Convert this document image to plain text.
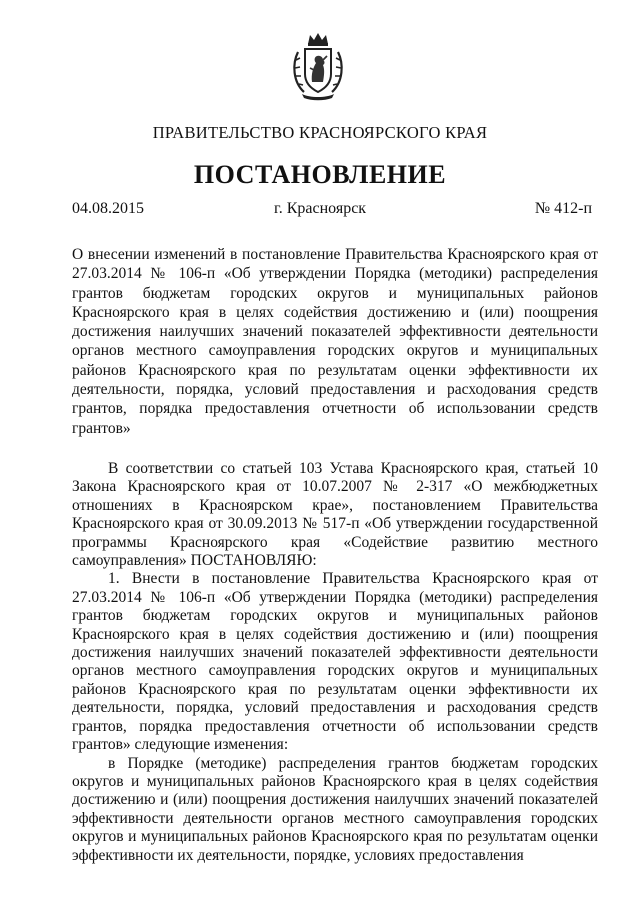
ПРАВИТЕЛЬСТВО КРАСНОЯРСКОГО КРАЯ
ПОСТАНОВЛЕНИЕ
04.08.2015	г. Красноярск	№ 412-п
О внесении изменений в постановление Правительства Красноярского края от 27.03.2014 № 106-п «Об утверждении Порядка (методики) распределения грантов бюджетам городских округов и муниципальных районов Красноярского края в целях содействия достижению и (или) поощрения достижения наилучших значений показателей эффективности деятельности органов местного самоуправления городских округов и муниципальных районов Красноярского края по результатам оценки эффективности их деятельности, порядка, условий предоставления и расходования средств грантов, порядка предоставления отчетности об использовании средств грантов»

В соответствии со статьей 103 Устава Красноярского края, статьей 10 Закона Красноярского края от 10.07.2007 № 2-317 «О межбюджетных отношениях в Красноярском крае», постановлением Правительства Красноярского края от 30.09.2013 № 517-п «Об утверждении государственной программы Красноярского края «Содействие развитию местного самоуправления» ПОСТАНОВЛЯЮ:

1. Внести в постановление Правительства Красноярского края от 27.03.2014 № 106-п «Об утверждении Порядка (методики) распределения грантов бюджетам городских округов и муниципальных районов Красноярского края в целях содействия достижению и (или) поощрения достижения наилучших значений показателей эффективности деятельности органов местного самоуправления городских округов и муниципальных районов Красноярского края по результатам оценки эффективности их деятельности, порядка, условий предоставления и расходования средств грантов, порядка предоставления отчетности об использовании средств грантов» следующие изменения:

в Порядке (методике) распределения грантов бюджетам городских округов и муниципальных районов Красноярского края в целях содействия достижению и (или) поощрения достижения наилучших значений показателей эффективности деятельности органов местного самоуправления городских округов и муниципальных районов Красноярского края по результатам оценки эффективности их деятельности, порядке, условиях предоставления
